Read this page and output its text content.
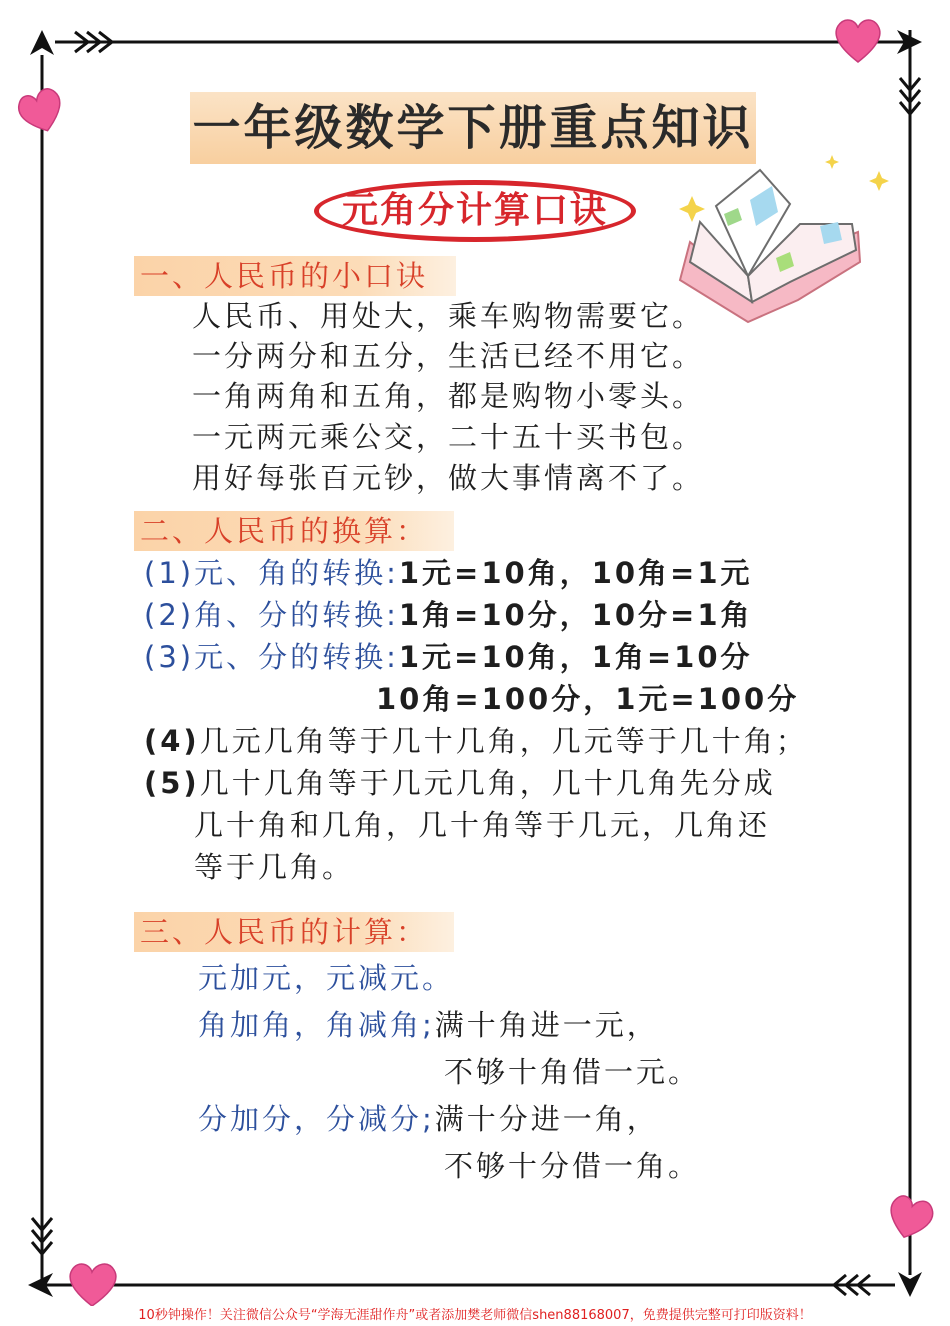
一年级数学下册重点知识
元角分计算口诀
一、人民币的小口诀
人民币、用处大，乘车购物需要它。
一分两分和五分，生活已经不用它。
一角两角和五角，都是购物小零头。
一元两元乘公交，二十五十买书包。
用好每张百元钞，做大事情离不了。
二、人民币的换算：
(1)元、角的转换:1元=10角，10角=1元
(2)角、分的转换:1角=10分，10分=1角
(3)元、分的转换:1元=10角，1角=10分
10角=100分，1元=100分
(4)几元几角等于几十几角，几元等于几十角；
(5)几十几角等于几元几角，几十几角先分成
几十角和几角，几十角等于几元，几角还
等于几角。
三、人民币的计算：
元加元，元减元。
角加角，角减角;满十角进一元，
不够十角借一元。
分加分，分减分;满十分进一角，
不够十分借一角。
10秒钟操作！关注微信公众号“学海无涯甜作舟”或者添加樊老师微信shen88168007，免费提供完整可打印版资料！
